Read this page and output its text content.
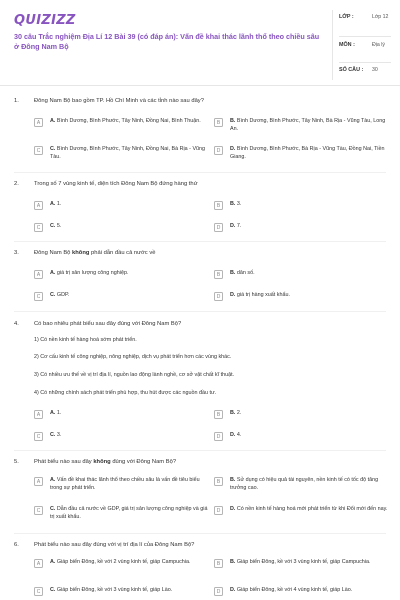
QUIZIZZ
30 câu Trắc nghiệm Địa Lí 12 Bài 39 (có đáp án): Vấn đề khai thác lãnh thổ theo chiều sâu ở Đông Nam Bộ
LỚP :	Lớp 12
MÔN :	Địa lý
SỐ CÂU : 30
1.	Đông Nam Bộ bao gồm TP. Hồ Chí Minh và các tỉnh nào sau đây?
A	A. Bình Dương, Bình Phước, Tây Ninh, Đồng Nai, Bình Thuận.	B	B. Bình Dương, Bình Phước, Tây Ninh, Bà Rịa - Vũng Tàu, Long An.
C	C. Bình Dương, Bình Phước, Tây Ninh, Đồng Nai, Bà Rịa - Vũng Tàu.
D	D. Bình Dương, Bình Phước, Bà Rịa - Vũng Tàu, Đồng Nai, Tiền Giang.
2.	Trong số 7 vùng kinh tế, diện tích Đông Nam Bộ đứng hàng thứ
A	A. 1.	B	B. 3.
C	C. 5.	D	D. 7.
3.	Đông Nam Bộ không phải dẫn đầu cả nước về
A	A. giá trị sản lượng công nghiệp.	B	B. dân số.
C	C. GDP.	D	D. giá trị hàng xuất khẩu.
4.	Có bao nhiêu phát biểu sau đây đúng với Đông Nam Bộ?
1) Có nền kinh tế hàng hoá sớm phát triển.
2) Cơ cấu kinh tế công nghiệp, nông nghiệp, dịch vụ phát triển hơn các vùng khác.
3) Có nhiều ưu thế về vị trí địa lí, nguồn lao động lành nghề, cơ sở vật chất kĩ thuật.
4) Có những chính sách phát triển phù hợp, thu hút được các nguồn đầu tư.
A	A. 1.	B	B. 2.
C	C. 3.	D	D. 4.
5.	Phát biểu nào sau đây không đúng với Đông Nam Bộ?
A	A. Vấn đề khai thác lãnh thổ theo chiều sâu là vấn đề tiêu biểu trong sự phát triển.
B	B. Sử dụng có hiệu quả tài nguyên, nền kinh tế có tốc độ tăng trưởng cao.
C	C. Dẫn đầu cả nước về GDP, giá trị sản lượng công nghiệp và giá trị xuất khẩu.
D	D. Có nền kinh tế hàng hoá mới phát triển từ khi Đổi mới đến nay.
6.	Phát biểu nào sau đây đúng với vị trí địa lí của Đông Nam Bộ?
A	A. Giáp biển Đông, kề với 2 vùng kinh tế, giáp Campuchia.	B	B. Giáp biển Đông, kề với 3 vùng kinh tế, giáp Campuchia.
C	C. Giáp biển Đông, kề với 3 vùng kinh tế, giáp Lào.	D	D. Giáp biển Đông, kề với 4 vùng kinh tế, giáp Lào.
